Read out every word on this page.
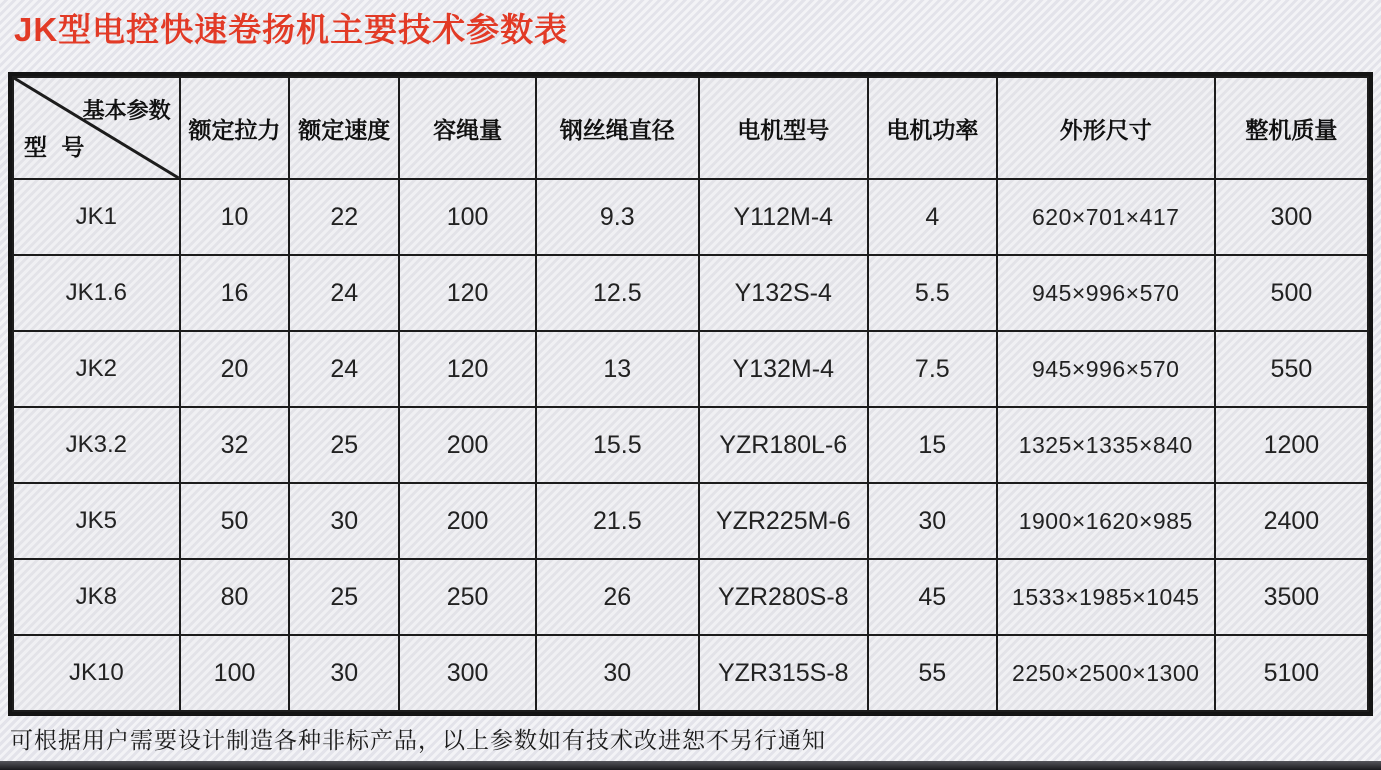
JK型电控快速卷扬机主要技术参数表
基本参数
型 号	额定拉力	额定速度	容绳量	钢丝绳直径	电机型号	电机功率	外形尺寸	整机质量
JK1	10	22	100	9.3	Y112M-4	4	620×701×417	300
JK1.6	16	24	120	12.5	Y132S-4	5.5	945×996×570	500
JK2	20	24	120	13	Y132M-4	7.5	945×996×570	550
JK3.2	32	25	200	15.5	YZR180L-6	15	1325×1335×840	1200
JK5	50	30	200	21.5	YZR225M-6	30	1900×1620×985	2400
JK8	80	25	250	26	YZR280S-8	45	1533×1985×1045	3500
JK10	100	30	300	30	YZR315S-8	55	2250×2500×1300	5100
可根据用户需要设计制造各种非标产品，以上参数如有技术改进恕不另行通知
